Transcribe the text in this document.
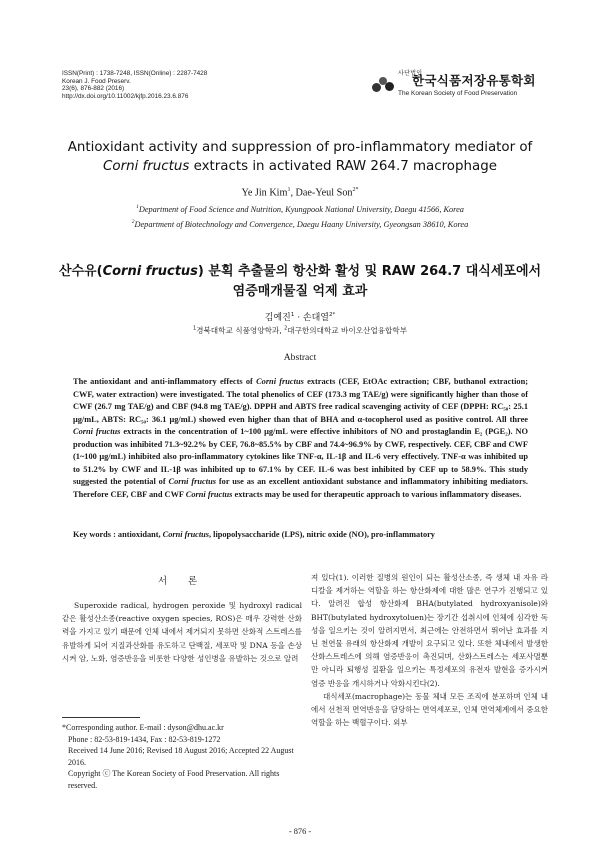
ISSN(Print) : 1738-7248, ISSN(Online) : 2287-7428
Korean J. Food Preserv.
23(6), 876-882 (2016)
http://dx.doi.org/10.11002/kjfp.2016.23.6.876
사단법인한국식품저장유통학회
The Korean Society of Food Preservation
Antioxidant activity and suppression of pro-inflammatory mediator of
Corni fructus extracts in activated RAW 264.7 macrophage
Ye Jin Kim$^1$, Dae-Yeul Son$^{2*}$
$^1$Department of Food Science and Nutrition, Kyungpook National University, Daegu 41566, Korea
$^2$Department of Biotechnology and Convergence, Daegu Haany University, Gyeongsan 38610, Korea
산수유(Corni fructus) 분획 추출물의 항산화 활성 및 RAW 264.7 대식세포에서
염증매개물질 억제 효과
김예진$^1$ · 손대열$^{2*}$
$^1$경북대학교 식품영양학과, $^2$대구한의대학교 바이오산업융합학부
Abstract
The antioxidant and anti-inflammatory effects of Corni fructus extracts (CEF, EtOAc extraction; CBF, buthanol extraction; CWF, water extraction) were investigated. The total phenolics of CEF (173.3 mg TAE/g) were significantly higher than those of CWF (26.7 mg TAE/g) and CBF (94.8 mg TAE/g). DPPH and ABTS free radical scavenging activity of CEF (DPPH: RC₅₀: 25.1 μg/mL, ABTS: RC₅₀: 36.1 μg/mL) showed even higher than that of BHA and α-tocopherol used as positive control. All three Corni fructus extracts in the concentration of 1~100 μg/mL were effective inhibitors of NO and prostaglandin E₂ (PGE₂). NO production was inhibited 71.3~92.2% by CEF, 76.8~85.5% by CBF and 74.4~96.9% by CWF, respectively. CEF, CBF and CWF (1~100 μg/mL) inhibited also pro-inflammatory cytokines like TNF-α, IL-1β and IL-6 very effectively. TNF-α was inhibited up to 51.2% by CWF and IL-1β was inhibited up to 67.1% by CEF. IL-6 was best inhibited by CEF up to 58.9%. This study suggested the potential of Corni fructus for use as an excellent antioxidant substance and inflammatory inhibiting mediators. Therefore CEF, CBF and CWF Corni fructus extracts may be used for therapeutic approach to various inflammatory diseases.
Key words : antioxidant, Corni fructus, lipopolysaccharide (LPS), nitric oxide (NO), pro-inflammatory
서 론

Superoxide radical, hydrogen peroxide 및 hydroxyl radical 같은 활성산소종(reactive oxygen species, ROS)은 매우 강력한 산화력을 가지고 있기 때문에 인체 내에서 제거되지 못하면 산화적 스트레스를 유발하게 되어 지질과산화를 유도하고 단백질, 세포막 및 DNA 등을 손상시켜 암, 노화, 염증반응을 비롯한 다양한 성인병을 유발하는 것으로 알려

*Corresponding author. E-mail : dyson@dhu.ac.kr
Phone : 82-53-819-1434, Fax : 82-53-819-1272
Received 14 June 2016; Revised 18 August 2016; Accepted 22 August 2016.
Copyright ⓒ The Korean Society of Food Preservation. All rights reserved.

져 있다(1). 이러한 질병의 원인이 되는 활성산소종, 즉 생체 내 자유 라디칼을 제거하는 역할을 하는 항산화제에 대한 많은 연구가 진행되고 있다. 알려진 합성 항산화제 BHA(butylated hydroxyanisole)와 BHT(butylated hydroxytoluen)는 장기간 섭취시에 인체에 심각한 독성을 일으키는 것이 알려지면서, 최근에는 안전하면서 뛰어난 효과를 지닌 천연물 유래의 항산화제 개발이 요구되고 있다. 또한 체내에서 발생한 산화스트레스에 의해 염증반응이 촉진되며, 산화스트레스는 세포사멸뿐만 아니라 퇴행성 질환을 일으키는 특정세포의 유전자 발현을 증가시켜 염증 반응을 개시하거나 악화시킨다(2).

대식세포(macrophage)는 동물 체내 모든 조직에 분포하며 인체 내에서 선천적 면역반응을 담당하는 면역세포로, 인체 면역체계에서 중요한 역할을 하는 백혈구이다. 외부

- 876 -
